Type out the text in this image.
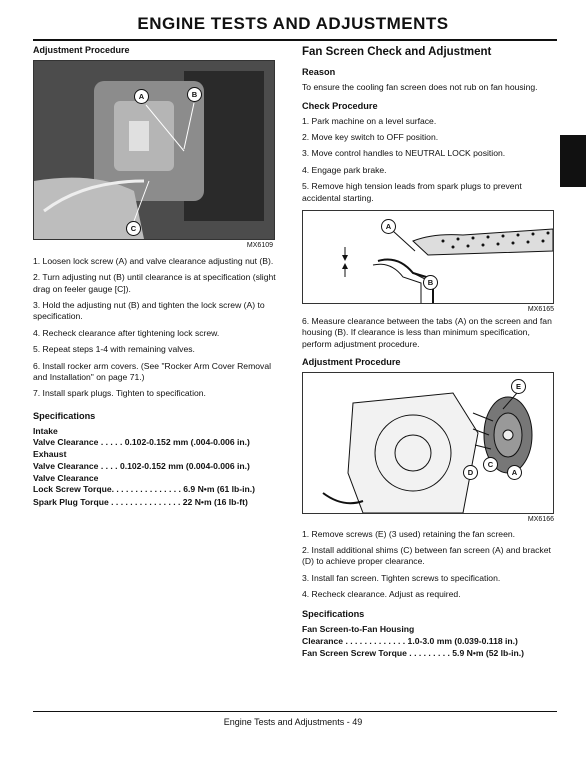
ENGINE TESTS AND ADJUSTMENTS
Adjustment Procedure
A	B
C
MX6109
1. Loosen lock screw (A) and valve clearance adjusting nut (B).
2. Turn adjusting nut (B) until clearance is at specification (slight drag on feeler gauge [C]).
3. Hold the adjusting nut (B) and tighten the lock screw (A) to specification.
4. Recheck clearance after tightening lock screw.
5. Repeat steps 1-4 with remaining valves.
6. Install rocker arm covers. (See "Rocker Arm Cover Removal and Installation" on page 71.)
7. Install spark plugs. Tighten to specification.
Specifications
Intake
Valve Clearance . . . . . 0.102-0.152 mm (.004-0.006 in.)
Exhaust
Valve Clearance . . . . 0.102-0.152 mm (0.004-0.006 in.)
Valve Clearance
Lock Screw Torque. . . . . . . . . . . . . . . 6.9 N•m (61 lb-in.)
Spark Plug Torque . . . . . . . . . . . . . . . 22 N•m (16 lb-ft)
Fan Screen Check and Adjustment
Reason
To ensure the cooling fan screen does not rub on fan housing.
Check Procedure
1. Park machine on a level surface.
2. Move key switch to OFF position.
3. Move control handles to NEUTRAL LOCK position.
4. Engage park brake.
5. Remove high tension leads from spark plugs to prevent accidental starting.
A
B
MX6165
6. Measure clearance between the tabs (A) on the screen and fan housing (B). If clearance is less than minimum specification, perform adjustment procedure.
Adjustment Procedure
E
C
D	A
MX6166
1. Remove screws (E) (3 used) retaining the fan screen.
2. Install additional shims (C) between fan screen (A) and bracket (D) to achieve proper clearance.
3. Install fan screen. Tighten screws to specification.
4. Recheck clearance. Adjust as required.
Specifications
Fan Screen-to-Fan Housing
Clearance . . . . . . . . . . . . . 1.0-3.0 mm (0.039-0.118 in.)
Fan Screen Screw Torque . . . . . . . . . 5.9 N•m (52 lb-in.)
Engine Tests and Adjustments - 49
